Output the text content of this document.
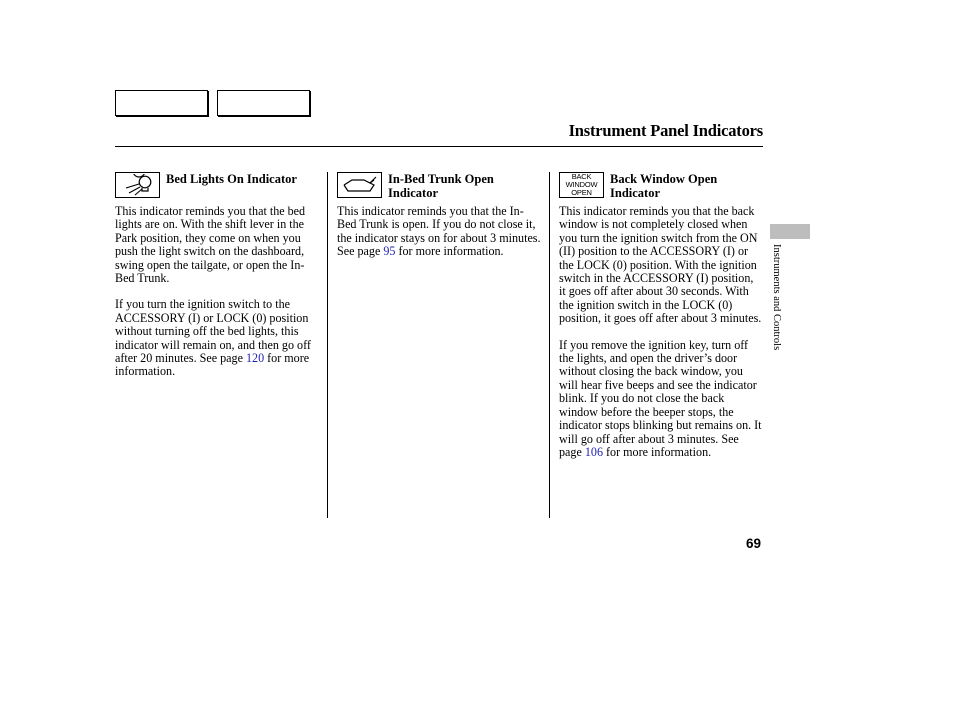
Instrument Panel Indicators
Bed Lights On Indicator

This indicator reminds you that the bed lights are on. With the shift lever in the Park position, they come on when you push the light switch on the dashboard, swing open the tailgate, or open the In-Bed Trunk.

If you turn the ignition switch to the ACCESSORY (I) or LOCK (0) position without turning off the bed lights, this indicator will remain on, and then go off after 20 minutes. See page 120 for more information.

In-Bed Trunk Open Indicator

This indicator reminds you that the In-Bed Trunk is open. If you do not close it, the indicator stays on for about 3 minutes. See page 95 for more information.

BACK
WINDOW
OPEN
Back Window Open Indicator

This indicator reminds you that the back window is not completely closed when you turn the ignition switch from the ON (II) position to the ACCESSORY (I) or the LOCK (0) position. With the ignition switch in the ACCESSORY (I) position, it goes off after about 30 seconds. With the ignition switch in the LOCK (0) position, it goes off after about 3 minutes.

If you remove the ignition key, turn off the lights, and open the driver’s door without closing the back window, you will hear five beeps and see the indicator blink. If you do not close the back window before the beeper stops, the indicator stops blinking but remains on. It will go off after about 3 minutes. See page 106 for more information.

Instruments and Controls
69
